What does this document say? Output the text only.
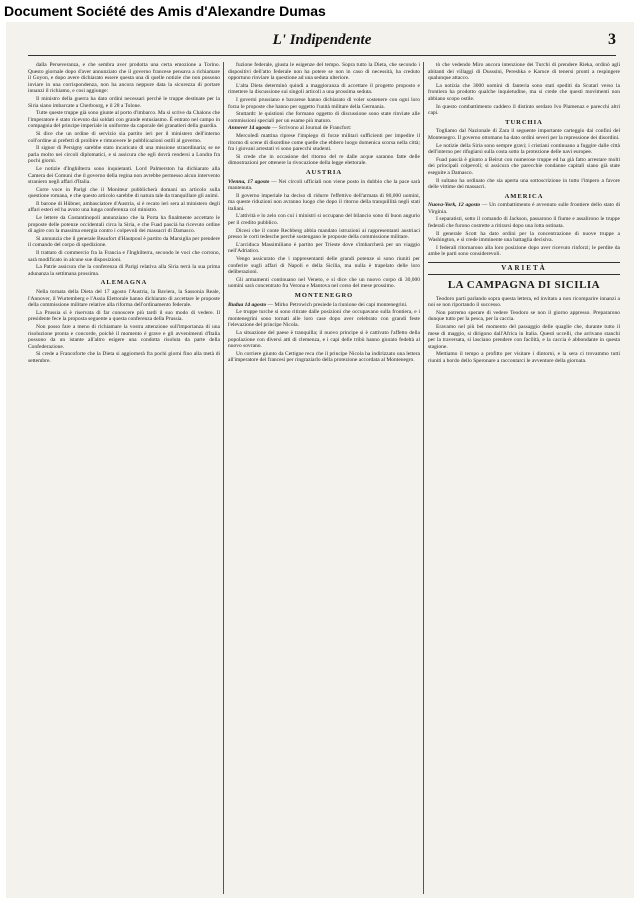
Document Société des Amis d'Alexandre Dumas
L' Indipendente	3

dalla Perseveranza, e che sembra aver prodotta una certa emozione a Torino. Questo giornale dopo d'aver annunziato che il governo francese pensava a richiamare il Goyon, e dopo avere dichiarato essere questa una di quelle notizie che non possono inviare in una corrispondenza, non ha ancora neppure data la sicurezza di portare innanzi il richiamo, e cosi aggiunge:

Il ministro della guerra ha dato ordini necessari perchè le truppe destinate per la Siria siano imbarcate a Cherbourg, e il 28 a Tolone.

Tutte queste truppe già sono giunte al porto d'imbarco. Ma si scrive da Chalons che l'imperatore è stato ricevuto dai soldati con grande entusiasmo. È entrato nel campo in compagnia del principe imperiale in uniforme da caporale dei granatieri della guardia.

Si dice che un ordine di servizio sia partito ieri per il ministero dell'interno coll'ordine ai prefetti di proibire e rimuovere le pubblicazioni ostili al governo.

Il signor di Persigny sarebbe stato incaricato di una missione straordinaria; se ne parla molto nei circoli diplomatici, e si assicura che egli dovrà rendersi a Londra fra pochi giorni.

Le notizie d'Inghilterra sono inquietanti. Lord Palmerston ha dichiarato alla Camera dei Comuni che il governo della regina non avrebbe permesso alcun intervento straniero negli affari d'Italia.

Corre voce in Parigi che il Moniteur pubblicherà domani un articolo sulla questione romana, e che questo articolo sarebbe di natura tale da tranquillare gli animi.

Il barone di Hübner, ambasciatore d'Austria, si è recato ieri sera al ministero degli affari esteri ed ha avuto una lunga conferenza col ministro.

Le lettere da Costantinopoli annunziano che la Porta ha finalmente accettato le proposte delle potenze occidentali circa la Siria, e che Fuad pascià ha ricevuto ordine di agire con la massima energia contro i colpevoli dei massacri di Damasco.

Si annunzia che il generale Beaufort d'Hautpoul è partito da Marsiglia per prendere il comando del corpo di spedizione.

Il trattato di commercio fra la Francia e l'Inghilterra, secondo le voci che corrono, sarà modificato in alcune sue disposizioni.

La Patrie assicura che la conferenza di Parigi relativa alla Siria terrà la sua prima adunanza la settimana prossima.

ALEMAGNA

Nella tornata della Dieta del 17 agosto l'Austria, la Baviera, la Sassonia Reale, l'Annover, il Wurtemberg e l'Assia Elettorale hanno dichiarato di accettare le proposte della commissione militare relative alla riforma dell'ordinamento federale.

La Prussia si è riservata di far conoscere più tardi il suo modo di vedere. Il presidente fece la proposta seguente a questa conferenza della Prussia.

Non posso fare a meno di richiamare la vostra attenzione sull'importanza di una risoluzione pronta e concorde, poichè il momento è grave e gli avvenimenti d'Italia possono da un istante all'altro esigere una condotta risoluta da parte della Confederazione.

Si crede a Francoforte che la Dieta si aggiornerà fra pochi giorni fino alla metà di settembre.

fuzione federale, giusta le esigenze del tempo. Sopra tutto la Dieta, che secondo i dispositivi dell'atto federale non ha potere se non in caso di necessità, ha creduto opportuno rinviare la questione ad una seduta ulteriore.

L'alta Dieta determinò quindi a maggioranza di accettare il progetto proposto e rimettere la discussione sui singoli articoli a una prossima seduta.

I governi prussiano e bavarese hanno dichiarato di voler sostenere con ogni loro forza le proposte che hanno per oggetto l'unità militare della Germania.

Stuttardt: le quistioni che formano oggetto di discussione sono state rinviate alle commissioni speciali per un esame più maturo.

Annover 14 agosto — Scrivono al Journal de Francfort:

Mercoledì mattina riprese l'impiego di forze militari sufficienti per impedire il ritorno di scene di disordine come quelle che ebbero luogo domenica scorsa nella città; fra i giovani arrestati vi sono parecchi studenti.

Si crede che in occasione del ritorno del re dalle acque saranno fatte delle dimostrazioni per ottenere la rivocazione della legge elettorale.

AUSTRIA

Vienna, 17 agosto — Nei circoli ufficiali non viene posto in dubbio che la pace sarà mantenuta.

Il governo imperiale ha deciso di ridurre l'effettivo dell'armata di 80,000 uomini, ma queste riduzioni non avranno luogo che dopo il ritorno della tranquillità negli stati italiani.

L'attività e lo zelo con cui i ministri si occupano del bilancio sono di buon augurio per il credito pubblico.

Dicesi che il conte Rechberg abbia mandato istruzioni ai rappresentanti austriaci presso le corti tedesche perchè sostengano le proposte della commissione militare.

L'arciduca Massimiliano è partito per Trieste dove s'imbarcherà per un viaggio nell'Adriatico.

Vengo assicurato che i rappresentanti delle grandi potenze si sono riuniti per conferire sugli affari di Napoli e della Sicilia, ma nulla è trapelato delle loro deliberazioni.

Gli armamenti continuano nel Veneto, e si dice che un nuovo corpo di 30,000 uomini sarà concentrato fra Verona e Mantova nel corso del mese prossimo.

MONTENEGRO

Budua 14 agosto — Mirko Petrowich presiede la riunione dei capi montenegrini.

Le truppe turche si sono ritirate dalle posizioni che occupavano sulla frontiera, e i montenegrini sono tornati alle loro case dopo aver celebrato con grandi feste l'elevazione del principe Nicola.

La situazione del paese è tranquilla; il nuovo principe si è cattivato l'affetto della popolazione con diversi atti di clemenza, e i capi delle tribù hanno giurato fedeltà al nuovo sovrano.

Un corriere giunto da Cettigne reca che il principe Nicola ha indirizzato una lettera all'imperatore dei francesi per ringraziarlo della protezione accordata al Montenegro.

tò che vedendo Miro ancora intenzione dei Turchi di prendere Rieka, ordinò agli abitanti dei villaggi di Dusssini, Pereshka e Karuce di tenersi pronti a respingere qualunque attacco.

La notizia che 3000 uomini di fanteria sono stati spediti da Scutari verso la frontiera ha prodotto qualche inquietudine, ma si crede che questi movimenti non abbiano scopo ostile.

In questo combattimento caddero il distinto serdaro Ivo Plamenaz e parecchi altri capi.

TURCHIA

Togliamo dal Nazionale di Zara il seguente importante carteggio dai confini del Montenegro. Il governo ottomano ha dato ordini severi per la repressione dei disordini.

Le notizie della Siria sono sempre gravi; i cristiani continuano a fuggire dalle città dell'interno per rifugiarsi sulla costa sotto la protezione delle navi europee.

Fuad pascià è giunto a Beirut con numerose truppe ed ha già fatto arrestare molti dei principali colpevoli; si assicura che parecchie condanne capitali siano già state eseguite a Damasco.

Il sultano ha ordinato che sia aperta una sottoscrizione in tutto l'impero a favore delle vittime dei massacri.

AMERICA

Nuova-York, 12 agosto — Un combattimento è avvenuto sulle frontiere dello stato di Virginia.

I separatisti, sotto il comando di Jackson, passarono il fiume e assalirono le truppe federali che furono costrette a ritirarsi dopo una lotta ostinata.

Il generale Scott ha dato ordini per la concentrazione di nuove truppe a Washington, e si crede imminente una battaglia decisiva.

I federali ritornarono alla loro posizione dopo aver ricevuto rinforzi; le perdite da ambe le parti sono considerevoli.

VARIETÀ

LA CAMPAGNA DI SICILIA

Teodoro parti parlando sopra questa lettera, ed invitato a non ricomparire innanzi a noi se non riportando il successo.

Non potremo sperare di vedere Teodoro se non il giorno appresso. Prepararono dunque tutto per la pesca, per la caccia.

Eravamo nel più bel momento del passaggio delle quaglie che, durante tutto il mese di maggio, si dirigono dall'Africa in Italia. Questi uccelli, che arrivano stanchi per la traversata, si lasciano prendere con facilità, e la caccia è abbondante in questa stagione.

Mettiamo il tempo a profitto per visitare i dintorni, e la sera ci trovammo tutti riuniti a bordo dello Speronare a raccontarci le avventure della giornata.
